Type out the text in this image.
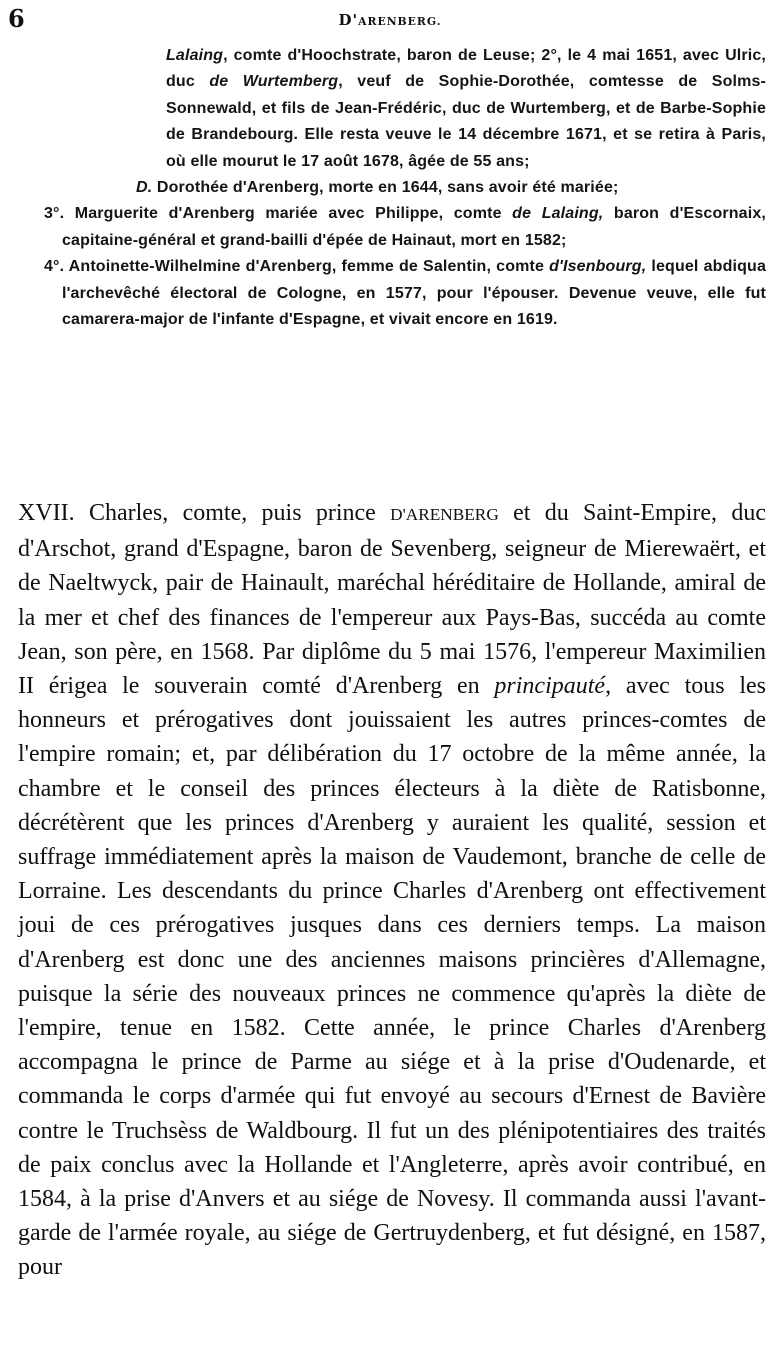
6	D'ARENBERG.

Lalaing, comte d'Hoochstrate, baron de Leuse; 2°, le 4 mai 1651, avec Ulric, duc de Wurtemberg, veuf de Sophie-Dorothée, comtesse de Solms-Sonnewald, et fils de Jean-Frédéric, duc de Wurtemberg, et de Barbe-Sophie de Brandebourg. Elle resta veuve le 14 décembre 1671, et se retira à Paris, où elle mourut le 17 août 1678, âgée de 55 ans;

D. Dorothée d'Arenberg, morte en 1644, sans avoir été mariée;

3°. Marguerite d'Arenberg mariée avec Philippe, comte de Lalaing, baron d'Escornaix, capitaine-général et grand-bailli d'épée de Hainaut, mort en 1582;

4°. Antoinette-Wilhelmine d'Arenberg, femme de Salentin, comte d'Isenbourg, lequel abdiqua l'archevêché électoral de Cologne, en 1577, pour l'épouser. Devenue veuve, elle fut camarera-major de l'infante d'Espagne, et vivait encore en 1619.

XVII. Charles, comte, puis prince D'ARENBERG et du Saint-Empire, duc d'Arschot, grand d'Espagne, baron de Sevenberg, seigneur de Mierewaërt, et de Naeltwyck, pair de Hainault, maréchal héréditaire de Hollande, amiral de la mer et chef des finances de l'empereur aux Pays-Bas, succéda au comte Jean, son père, en 1568. Par diplôme du 5 mai 1576, l'empereur Maximilien II érigea le souverain comté d'Arenberg en principauté, avec tous les honneurs et prérogatives dont jouissaient les autres princes-comtes de l'empire romain; et, par délibération du 17 octobre de la même année, la chambre et le conseil des princes électeurs à la diète de Ratisbonne, décrétèrent que les princes d'Arenberg y auraient les qualité, session et suffrage immédiatement après la maison de Vaudemont, branche de celle de Lorraine. Les descendants du prince Charles d'Arenberg ont effectivement joui de ces prérogatives jusques dans ces derniers temps. La maison d'Arenberg est donc une des anciennes maisons princières d'Allemagne, puisque la série des nouveaux princes ne commence qu'après la diète de l'empire, tenue en 1582. Cette année, le prince Charles d'Arenberg accompagna le prince de Parme au siége et à la prise d'Oudenarde, et commanda le corps d'armée qui fut envoyé au secours d'Ernest de Bavière contre le Truchsèss de Waldbourg. Il fut un des plénipotentiaires des traités de paix conclus avec la Hollande et l'Angleterre, après avoir contribué, en 1584, à la prise d'Anvers et au siége de Novesy. Il commanda aussi l'avant-garde de l'armée royale, au siége de Gertruydenberg, et fut désigné, en 1587, pour
